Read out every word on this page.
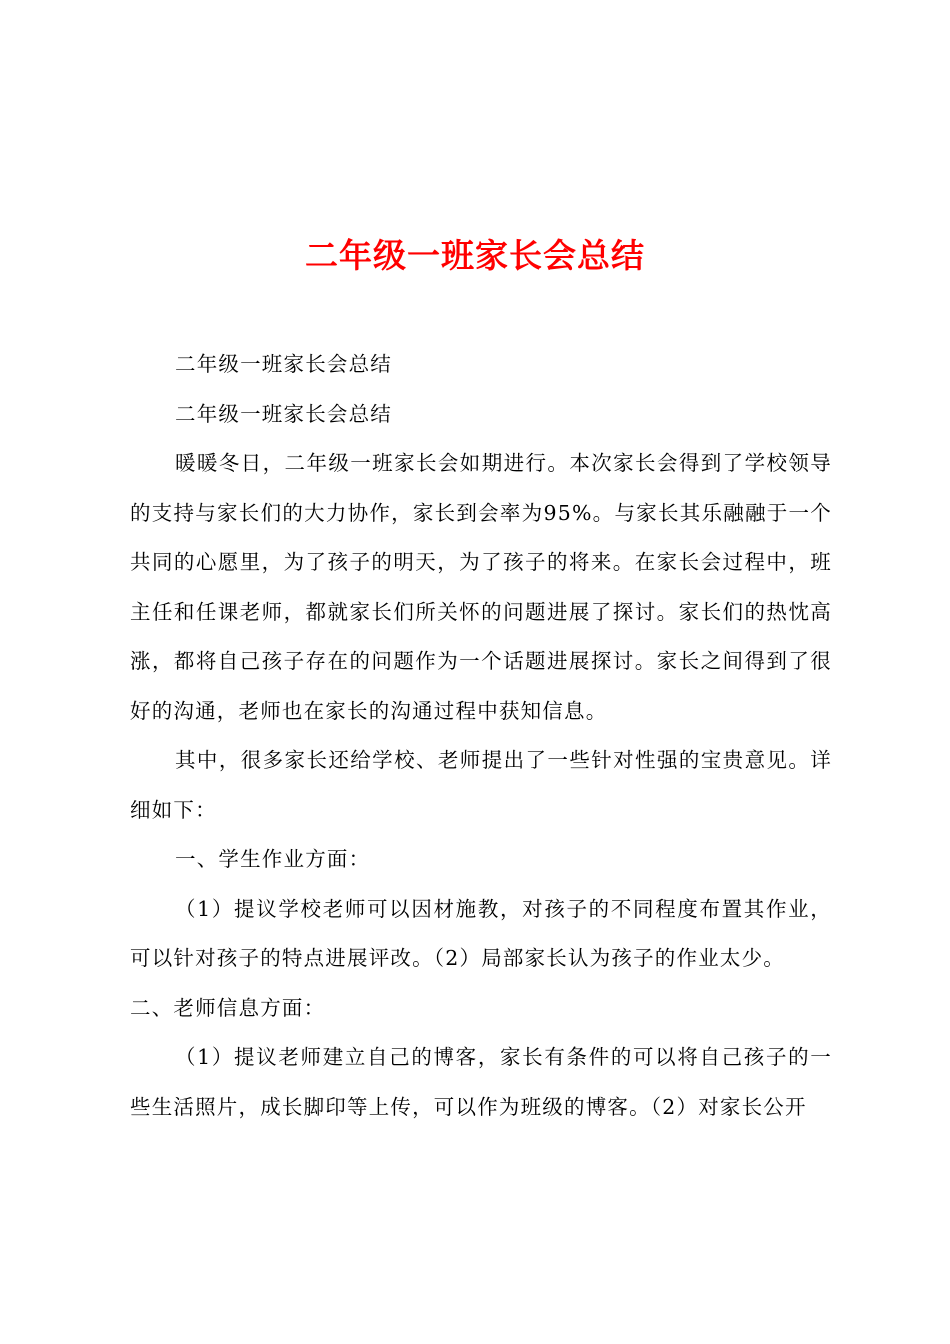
二年级一班家长会总结

二年级一班家长会总结

二年级一班家长会总结

暖暖冬日，二年级一班家长会如期进行。本次家长会得到了学校领导的支持与家长们的大力协作，家长到会率为95%。与家长其乐融融于一个共同的心愿里，为了孩子的明天，为了孩子的将来。在家长会过程中，班主任和任课老师，都就家长们所关怀的问题进展了探讨。家长们的热忱高涨，都将自己孩子存在的问题作为一个话题进展探讨。家长之间得到了很好的沟通，老师也在家长的沟通过程中获知信息。

其中，很多家长还给学校、老师提出了一些针对性强的宝贵意见。详细如下：

一、学生作业方面：

（1）提议学校老师可以因材施教，对孩子的不同程度布置其作业，可以针对孩子的特点进展评改。（2）局部家长认为孩子的作业太少。

二、老师信息方面：

（1）提议老师建立自己的博客，家长有条件的可以将自己孩子的一些生活照片，成长脚印等上传，可以作为班级的博客。（2）对家长公开
